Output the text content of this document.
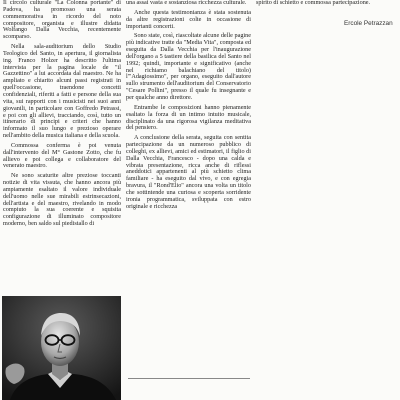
Il circolo culturale "La Colonna portante" di Padova, ha promosso una serata commemorativa in ricordo del noto compositore, organista e illustre didatta Wolfango Dalla Vecchia, recentemente scomparso.

Nella sala-auditorium dello Studio Teologico del Santo, in apertura, il giornalista ing. Franco Holzer ha descritto l'ultima intervista per la pagina locale de "il Gazzettino" a lui accordata dal maestro. Ne ha ampliato e chiarito alcuni passi registrati in quell'occasione, traendone concetti confidenziali, riferiti a fatti e persone della sua vita, sui rapporti con i musicisti nei suoi anni giovanili, in particolare con Goffredo Petrassi, e poi con gli allievi, tracciando, così, tutto un itinerario di principi e criteri che hanno informato il suo lungo e prezioso operare nell'ambito della musica italiana e della scuola.

Commossa conferma è poi venuta dall'intervento del M° Gastone Zotto, che fu allievo e poi collega e collaboratore del venerato maestro.

Ne sono scaturite altre preziose toccanti notizie di vita vissuta, che hanno ancora più ampiamente esaltato il valore individuale dell'uomo nelle sue mirabili estrinsecazioni, dell'artista e del maestro, rivelando in modo compiuto la sua coerente e squisita configurazione di illuminato compositore moderno, ben saldo sul piedistallo di

una assai vasta e sostanziosa ricchezza culturale.

Anche questa testimonianza è stata sostenuta da altre registrazioni colte in occasione di importanti concerti.

Sono state, così, riascoltate alcune delle pagine più indicative tratte da "Media Vita", composta ed eseguita da Dalla Vecchia per l'inaugurazione dell'organo a 5 tastiere della basilica del Santo nel 1992; quindi, importante e significativo (anche nel richiamo balachiano del titolo) l'"Adagiossimo", per organo, eseguito dall'autore sullo strumento dell'auditorium del Conservatorio "Cesare Pollini", presso il quale fu insegnante e per qualche anno direttore.

Entrambe le composizioni hanno pienamente esaltato la forza di un intimo intuito musicale, disciplinato da una rigorosa vigilanza meditativa del pensiero.

A conclusione della serata, seguita con sentita partecipazione da un numeroso pubblico di colleghi, ex allievi, amici ed estimatori, il figlio di Dalla Vecchia, Francesco - dopo una calda e vibrata presentazione, ricca anche di riflessi aneddotici appartenenti al più schietto clima familiare - ha eseguito dal vivo, e con egregia bravura, il "Rond'Elio" ancora una volta un titolo che sottintende una curiosa e scoperta sorridente ironia programmatica, sviluppata con estro originale e ricchezza

spirito di schietto e commossa partecipazione.

Ercole Petrazzan
